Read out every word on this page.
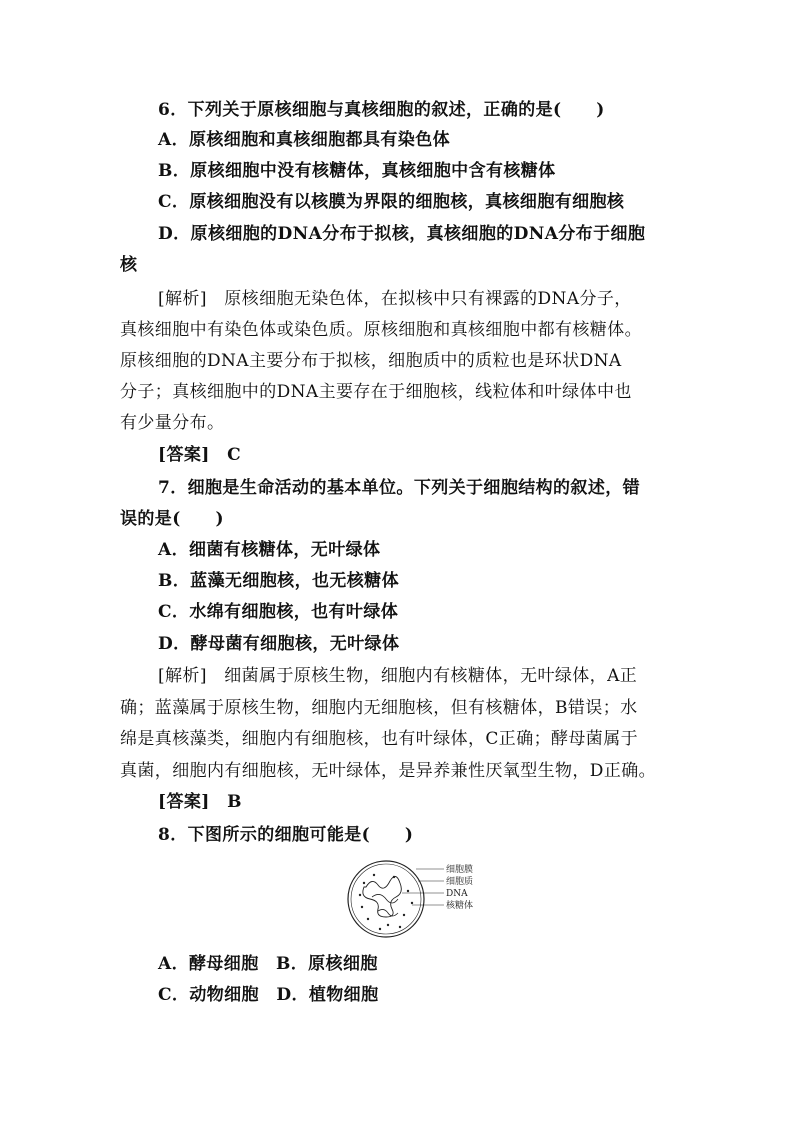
6．下列关于原核细胞与真核细胞的叙述，正确的是(　　)
A．原核细胞和真核细胞都具有染色体
B．原核细胞中没有核糖体，真核细胞中含有核糖体
C．原核细胞没有以核膜为界限的细胞核，真核细胞有细胞核
D．原核细胞的DNA分布于拟核，真核细胞的DNA分布于细胞
核
[解析]　原核细胞无染色体，在拟核中只有裸露的DNA分子，
真核细胞中有染色体或染色质。原核细胞和真核细胞中都有核糖体。
原核细胞的DNA主要分布于拟核，细胞质中的质粒也是环状DNA
分子；真核细胞中的DNA主要存在于细胞核，线粒体和叶绿体中也
有少量分布。
[答案]　C
7．细胞是生命活动的基本单位。下列关于细胞结构的叙述，错
误的是(　　)
A．细菌有核糖体，无叶绿体
B．蓝藻无细胞核，也无核糖体
C．水绵有细胞核，也有叶绿体
D．酵母菌有细胞核，无叶绿体
[解析]　细菌属于原核生物，细胞内有核糖体，无叶绿体，A正
确；蓝藻属于原核生物，细胞内无细胞核，但有核糖体，B错误；水
绵是真核藻类，细胞内有细胞核，也有叶绿体，C正确；酵母菌属于
真菌，细胞内有细胞核，无叶绿体，是异养兼性厌氧型生物，D正确。
[答案]　B
8．下图所示的细胞可能是(　　)
细胞膜
细胞质
DNA
核糖体
A．酵母细胞　B．原核细胞
C．动物细胞　D．植物细胞
